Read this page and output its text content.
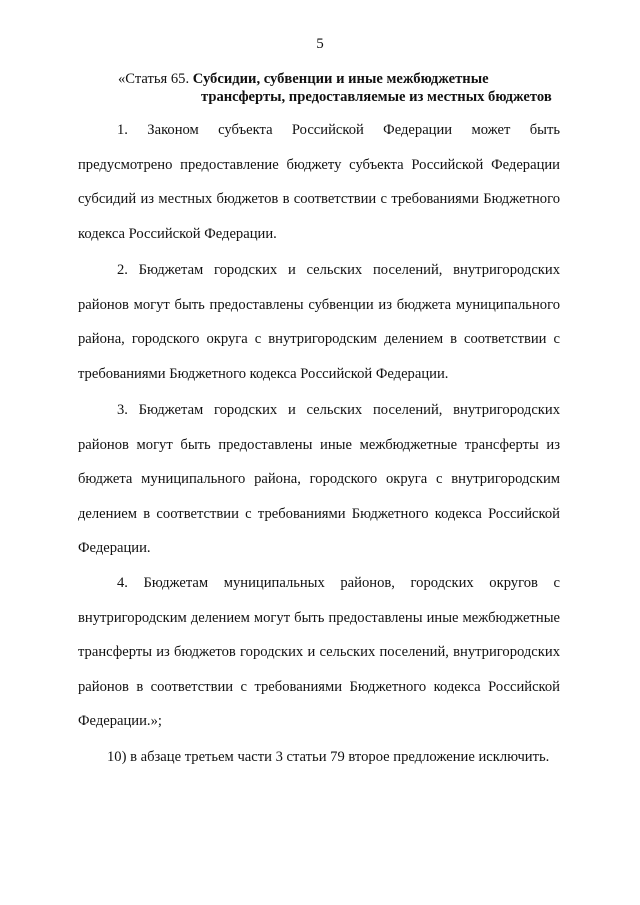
5
«Статья 65. Субсидии, субвенции и иные межбюджетные
трансферты, предоставляемые из местных бюджетов
1. Законом субъекта Российской Федерации может быть предусмотрено предоставление бюджету субъекта Российской Федерации субсидий из местных бюджетов в соответствии с требованиями Бюджетного кодекса Российской Федерации.
2. Бюджетам городских и сельских поселений, внутригородских районов могут быть предоставлены субвенции из бюджета муниципального района, городского округа с внутригородским делением в соответствии с требованиями Бюджетного кодекса Российской Федерации.
3. Бюджетам городских и сельских поселений, внутригородских районов могут быть предоставлены иные межбюджетные трансферты из бюджета муниципального района, городского округа с внутригородским делением в соответствии с требованиями Бюджетного кодекса Российской Федерации.
4. Бюджетам муниципальных районов, городских округов с внутригородским делением могут быть предоставлены иные межбюджетные трансферты из бюджетов городских и сельских поселений, внутригородских районов в соответствии с требованиями Бюджетного кодекса Российской Федерации.»;
10) в абзаце третьем части 3 статьи 79 второе предложение исключить.
